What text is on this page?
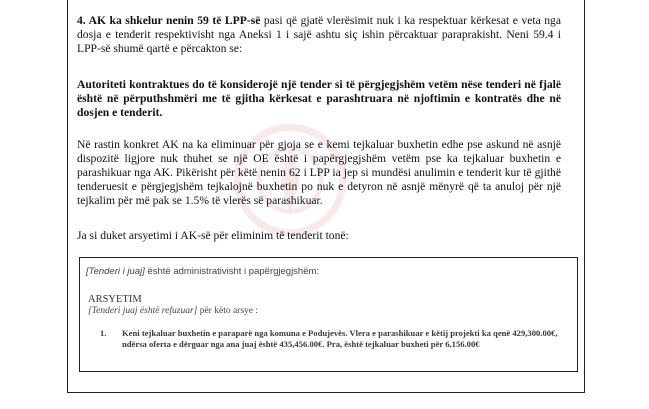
4. AK ka shkelur nenin 59 të LPP-së pasi që gjatë vlerësimit nuk i ka respektuar kërkesat e veta nga dosja e tenderit respektivisht nga Aneksi 1 i sajë ashtu siç ishin përcaktuar paraprakisht. Neni 59.4 i LPP-së shumë qartë e përcakton se:
Autoriteti kontraktues do të konsiderojë një tender si të përgjegjshëm vetëm nëse tenderi në fjalë është në përputhshmëri me të gjitha kërkesat e parashtruara në njoftimin e kontratës dhe në dosjen e tenderit.
Në rastin konkret AK na ka eliminuar për gjoja se e kemi tejkaluar buxhetin edhe pse askund në asnjë dispozitë ligjore nuk thuhet se një OE është i papërgjegjshëm vetëm pse ka tejkaluar buxhetin e parashikuar nga AK. Pikërisht për këtë nenin 62 i LPP ia jep si mundësi anulimin e tenderit kur të gjithë tenderuesit e përgjegjshëm tejkalojnë buxhetin po nuk e detyron në asnjë mënyrë që ta anuloj për një tejkalim për më pak se 1.5% të vlerës së parashikuar.
Ja si duket arsyetimi i AK-së për eliminim të tenderit tonë:
[Tenderi i juaj] është administrativisht i papërgjegjshëm:
ARSYETIM
[Tenderi juaj është refuzuar] për këto arsye :
1. Keni tejkaluar buxhetin e paraparë nga komuna e Podujevës. Vlera e parashikuar e këtij projekti ka qenë 429,300.00€, ndërsa oferta e dërguar nga ana juaj është 435,456.00€. Pra, është tejkaluar buxheti për 6,156.00€
